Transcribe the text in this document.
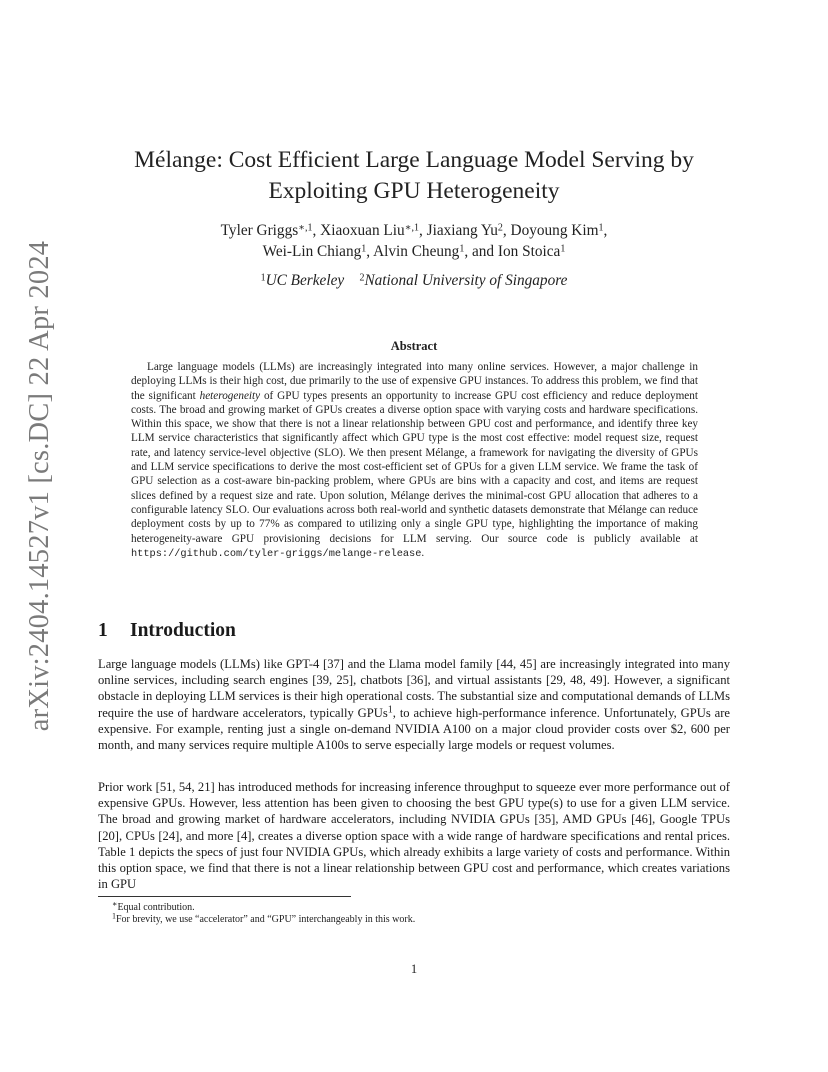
arXiv:2404.14527v1 [cs.DC] 22 Apr 2024
Mélange: Cost Efficient Large Language Model Serving by
Exploiting GPU Heterogeneity
Tyler Griggs$^{∗,1}$, Xiaoxuan Liu$^{∗,1}$, Jiaxiang Yu$^2$, Doyoung Kim$^1$,
Wei-Lin Chiang$^1$, Alvin Cheung$^1$, and Ion Stoica$^1$
$^1$UC Berkeley $^2$National University of Singapore
Abstract
Large language models (LLMs) are increasingly integrated into many online services. However, a major challenge in deploying LLMs is their high cost, due primarily to the use of expensive GPU instances. To address this problem, we find that the significant heterogeneity of GPU types presents an opportunity to increase GPU cost efficiency and reduce deployment costs. The broad and growing market of GPUs creates a diverse option space with varying costs and hardware specifications. Within this space, we show that there is not a linear relationship between GPU cost and performance, and identify three key LLM service characteristics that significantly affect which GPU type is the most cost effective: model request size, request rate, and latency service-level objective (SLO). We then present Mélange, a framework for navigating the diversity of GPUs and LLM service specifications to derive the most cost-efficient set of GPUs for a given LLM service. We frame the task of GPU selection as a cost-aware bin-packing problem, where GPUs are bins with a capacity and cost, and items are request slices defined by a request size and rate. Upon solution, Mélange derives the minimal-cost GPU allocation that adheres to a configurable latency SLO. Our evaluations across both real-world and synthetic datasets demonstrate that Mélange can reduce deployment costs by up to 77% as compared to utilizing only a single GPU type, highlighting the importance of making heterogeneity-aware GPU provisioning decisions for LLM serving. Our source code is publicly available at https://github.com/tyler-griggs/melange-release.
1 Introduction
Large language models (LLMs) like GPT-4 [37] and the Llama model family [44, 45] are increasingly integrated into many online services, including search engines [39, 25], chatbots [36], and virtual assistants [29, 48, 49]. However, a significant obstacle in deploying LLM services is their high operational costs. The substantial size and computational demands of LLMs require the use of hardware accelerators, typically GPUs$^1$, to achieve high-performance inference. Unfortunately, GPUs are expensive. For example, renting just a single on-demand NVIDIA A100 on a major cloud provider costs over $2, 600 per month, and many services require multiple A100s to serve especially large models or request volumes.
Prior work [51, 54, 21] has introduced methods for increasing inference throughput to squeeze ever more performance out of expensive GPUs. However, less attention has been given to choosing the best GPU type(s) to use for a given LLM service. The broad and growing market of hardware accelerators, including NVIDIA GPUs [35], AMD GPUs [46], Google TPUs [20], CPUs [24], and more [4], creates a diverse option space with a wide range of hardware specifications and rental prices. Table 1 depicts the specs of just four NVIDIA GPUs, which already exhibits a large variety of costs and performance. Within this option space, we find that there is not a linear relationship between GPU cost and performance, which creates variations in GPU
∗Equal contribution.
$^1$For brevity, we use “accelerator” and “GPU” interchangeably in this work.
1
